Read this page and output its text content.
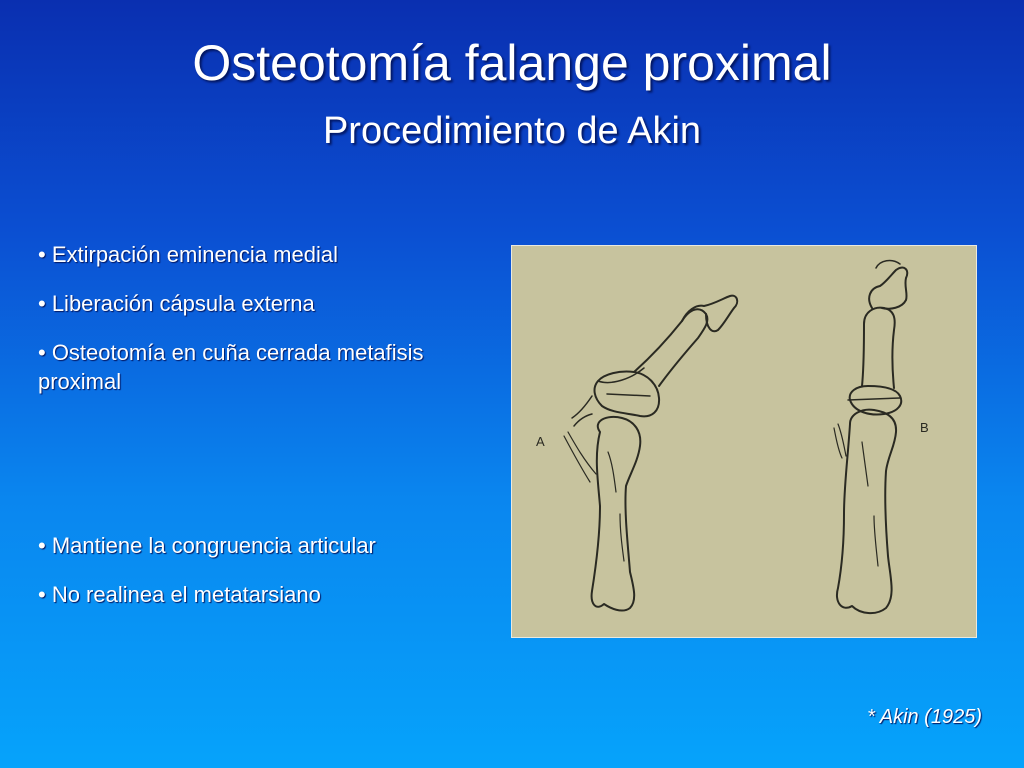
Osteotomía falange proximal
Procedimiento de Akin
• Extirpación eminencia medial
• Liberación cápsula externa
• Osteotomía en cuña cerrada metafisis proximal
• Mantiene la congruencia articular
• No realinea el metatarsiano
A
B
* Akin (1925)
